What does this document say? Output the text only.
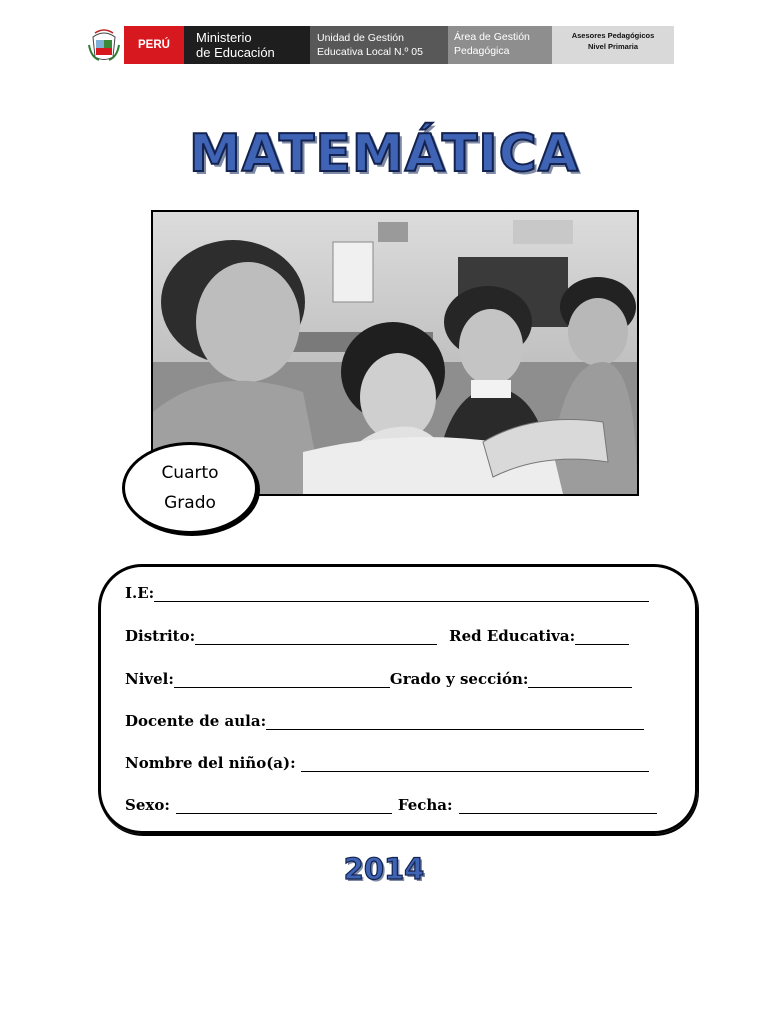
PERÚ Ministerio
de Educación
Unidad de Gestión
Educativa Local N.º 05
Área de Gestión
Pedagógica
Asesores Pedagógicos
Nivel Primaria
MATEMÁTICA
Cuarto
Grado
I.E:
Distrito:	Red Educativa:
Nivel:	Grado y sección:
Docente de aula:
Nombre del niño(a):
Sexo:	Fecha:
2014
